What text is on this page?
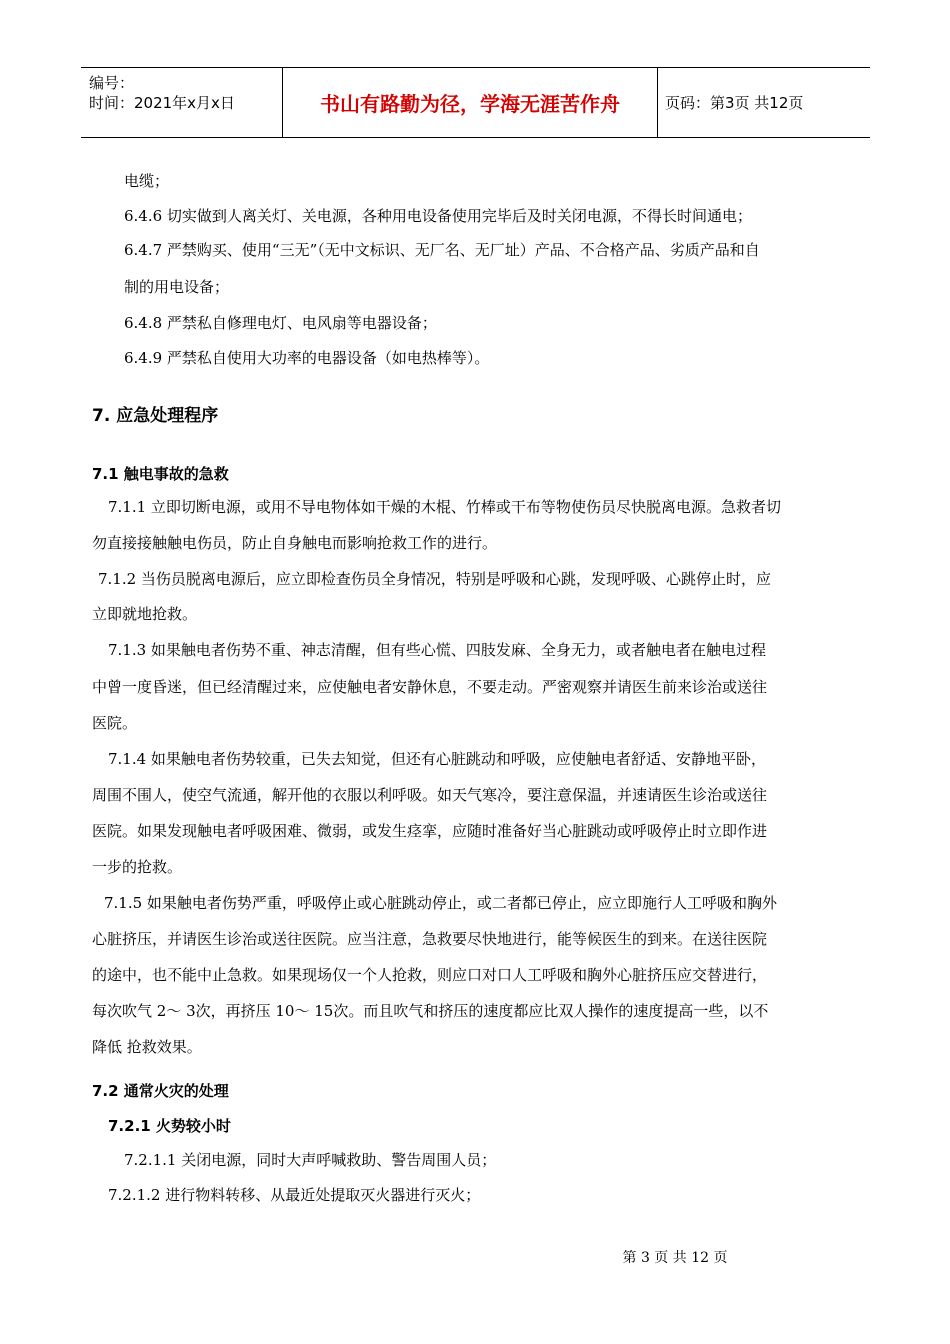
编号：
时间：2021年x月x日	书山有路勤为径，学海无涯苦作舟	页码：第3页 共12页
电缆；
6.4.6 切实做到人离关灯、关电源，各种用电设备使用完毕后及时关闭电源，不得长时间通电；
6.4.7 严禁购买、使用“三无”（无中文标识、无厂名、无厂址）产品、不合格产品、劣质产品和自
制的用电设备；
6.4.8 严禁私自修理电灯、电风扇等电器设备；
6.4.9 严禁私自使用大功率的电器设备（如电热棒等）。
7. 应急处理程序
7.1 触电事故的急救
7.1.1 立即切断电源，或用不导电物体如干燥的木棍、竹棒或干布等物使伤员尽快脱离电源。急救者切
勿直接接触触电伤员，防止自身触电而影响抢救工作的进行。
7.1.2 当伤员脱离电源后，应立即检查伤员全身情况，特别是呼吸和心跳，发现呼吸、心跳停止时，应
立即就地抢救。
7.1.3 如果触电者伤势不重、神志清醒，但有些心慌、四肢发麻、全身无力，或者触电者在触电过程
中曾一度昏迷，但已经清醒过来，应使触电者安静休息，不要走动。严密观察并请医生前来诊治或送往
医院。
7.1.4 如果触电者伤势较重，已失去知觉，但还有心脏跳动和呼吸，应使触电者舒适、安静地平卧，
周围不围人，使空气流通，解开他的衣服以利呼吸。如天气寒冷，要注意保温，并速请医生诊治或送往
医院。如果发现触电者呼吸困难、微弱，或发生痉挛，应随时准备好当心脏跳动或呼吸停止时立即作进
一步的抢救。
7.1.5 如果触电者伤势严重，呼吸停止或心脏跳动停止，或二者都已停止，应立即施行人工呼吸和胸外
心脏挤压，并请医生诊治或送往医院。应当注意，急救要尽快地进行，能等候医生的到来。在送往医院
的途中，也不能中止急救。如果现场仅一个人抢救，则应口对口人工呼吸和胸外心脏挤压应交替进行，
每次吹气 2～ 3次，再挤压 10～ 15次。而且吹气和挤压的速度都应比双人操作的速度提高一些，以不
降低 抢救效果。
7.2 通常火灾的处理
7.2.1 火势较小时
7.2.1.1 关闭电源，同时大声呼喊救助、警告周围人员；
7.2.1.2 进行物料转移、从最近处提取灭火器进行灭火；
第 3 页 共 12 页
